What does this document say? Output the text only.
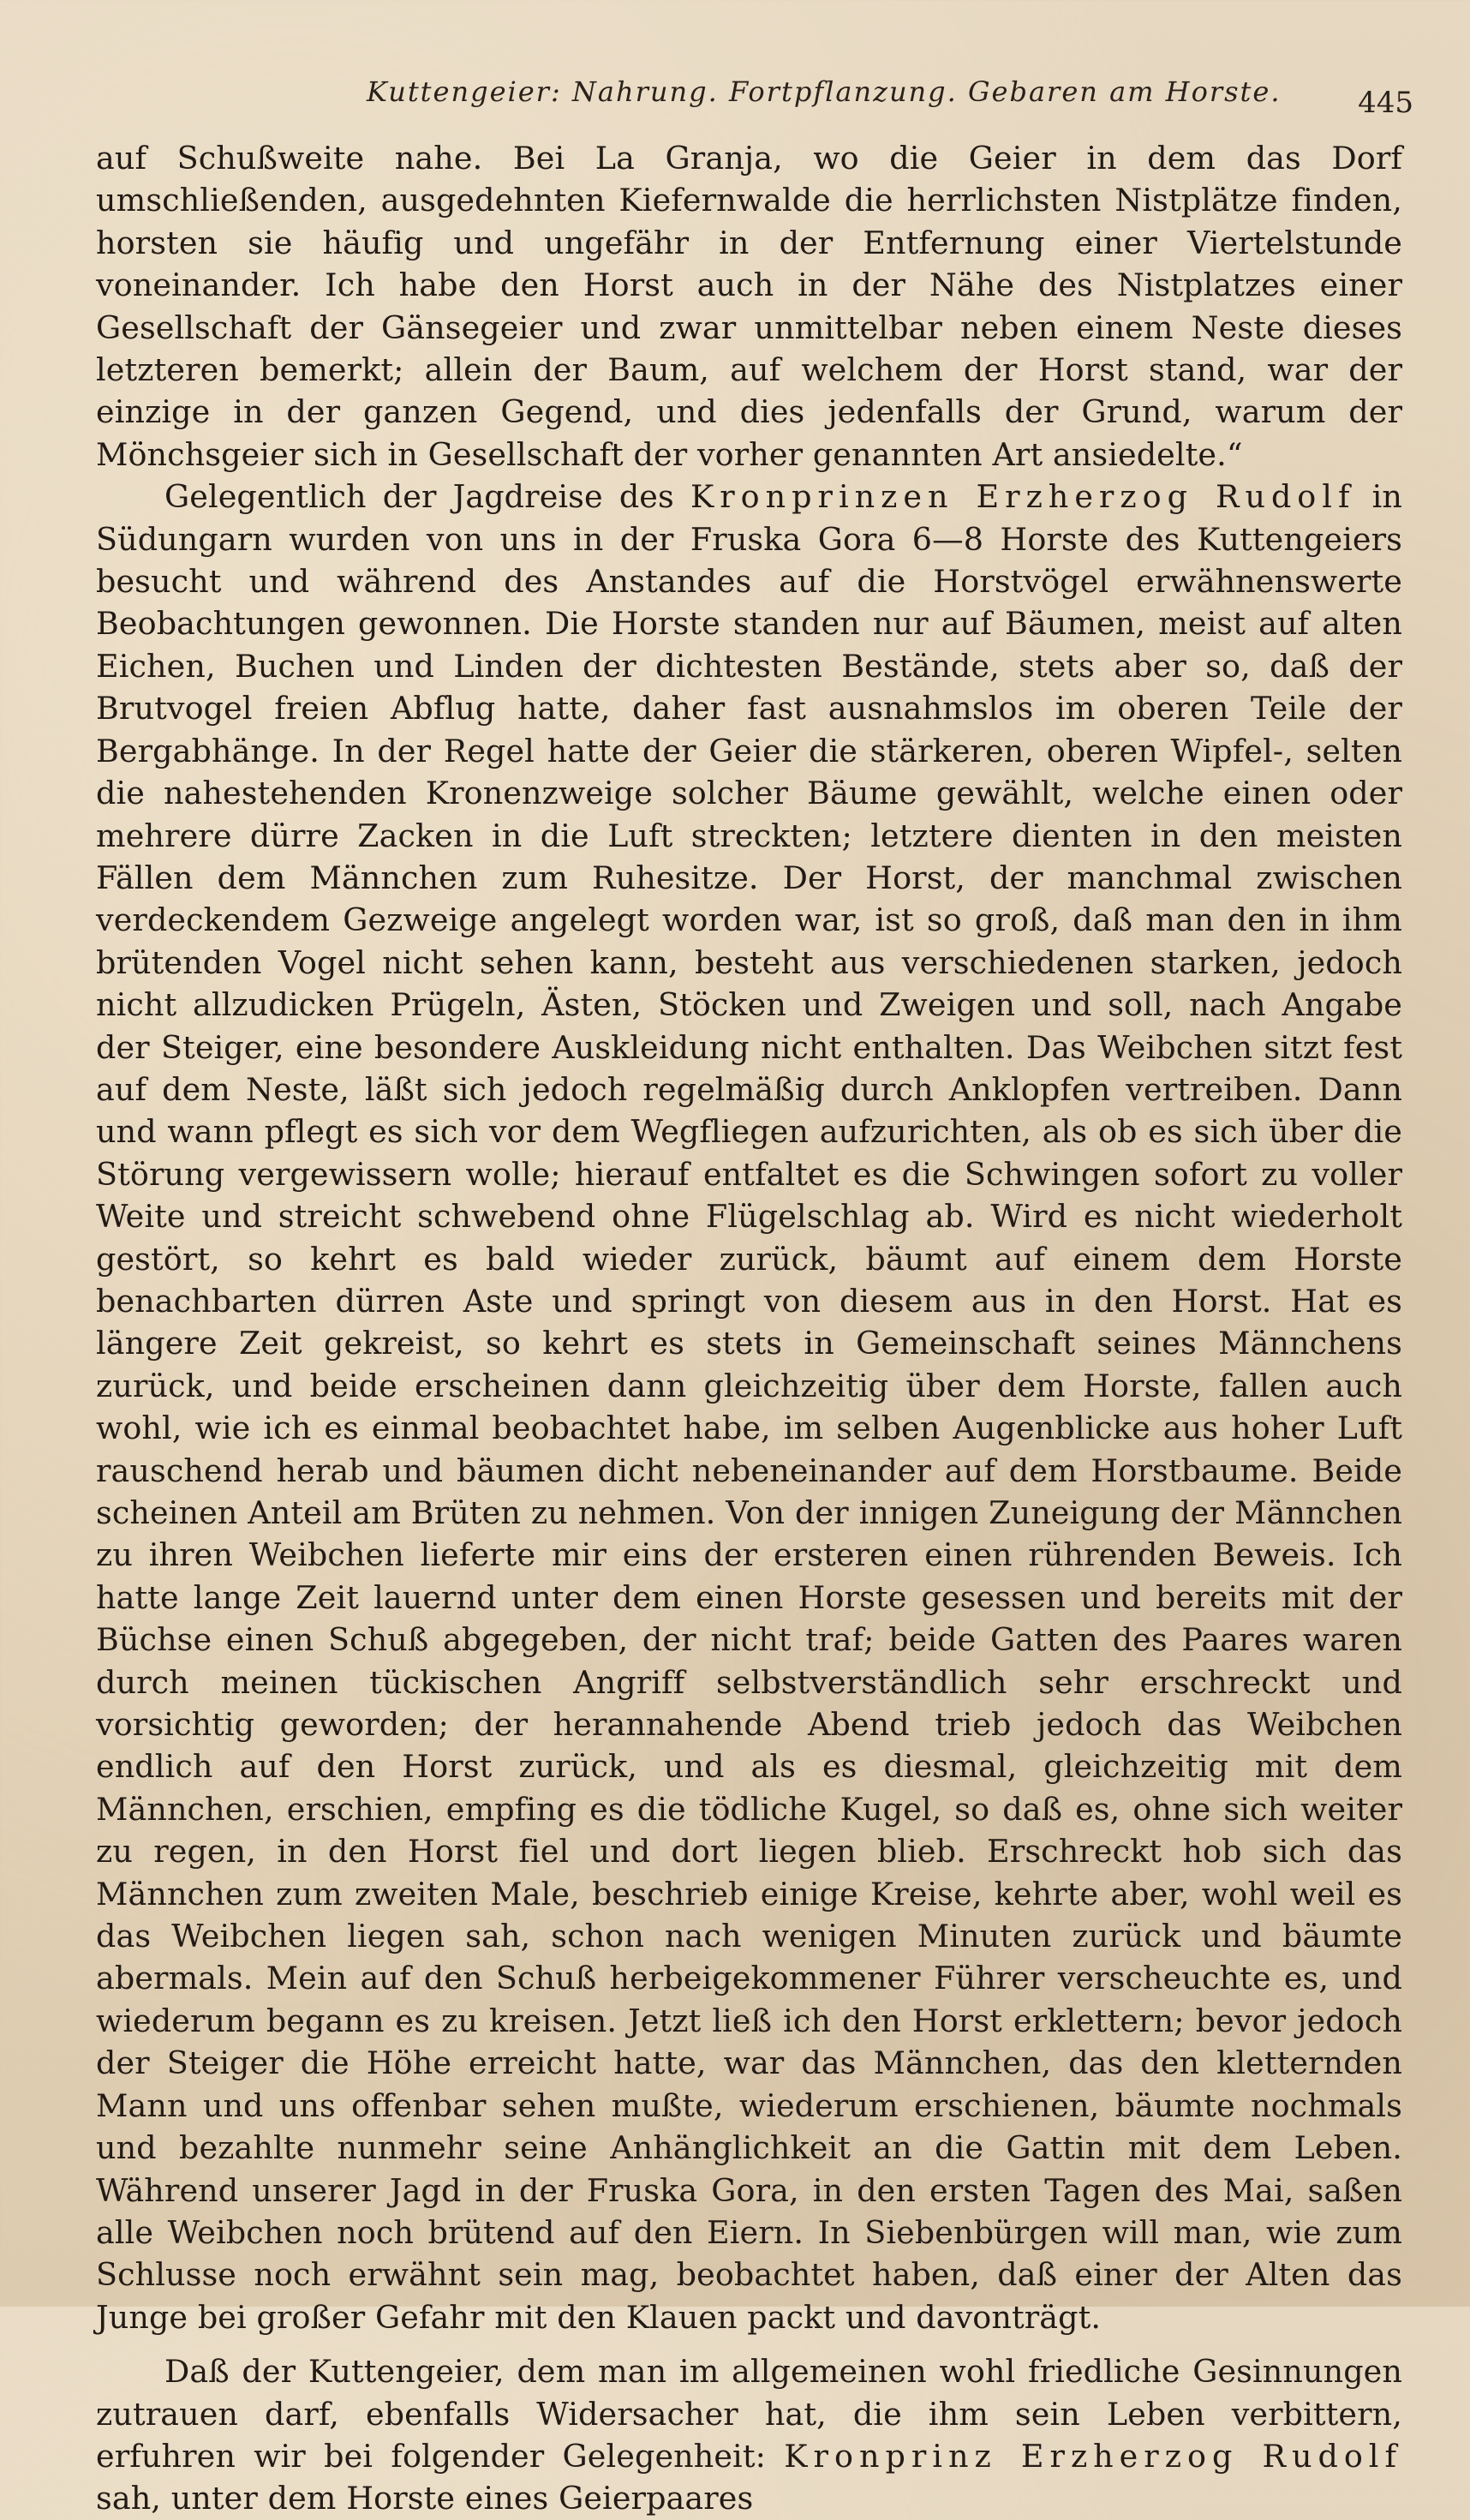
Kuttengeier: Nahrung. Fortpflanzung. Gebaren am Horste.	445

auf Schußweite nahe. Bei La Granja, wo die Geier in dem das Dorf umschließenden, ausgedehnten Kiefernwalde die herrlichsten Nistplätze finden, horsten sie häufig und ungefähr in der Entfernung einer Viertelstunde voneinander. Ich habe den Horst auch in der Nähe des Nistplatzes einer Gesellschaft der Gänsegeier und zwar unmittelbar neben einem Neste dieses letzteren bemerkt; allein der Baum, auf welchem der Horst stand, war der einzige in der ganzen Gegend, und dies jedenfalls der Grund, warum der Mönchsgeier sich in Gesellschaft der vorher genannten Art ansiedelte.“

Gelegentlich der Jagdreise des Kronprinzen Erzherzog Rudolf in Südungarn wurden von uns in der Fruska Gora 6—8 Horste des Kuttengeiers besucht und während des Anstandes auf die Horstvögel erwähnenswerte Beobachtungen gewonnen. Die Horste standen nur auf Bäumen, meist auf alten Eichen, Buchen und Linden der dichtesten Bestände, stets aber so, daß der Brutvogel freien Abflug hatte, daher fast ausnahmslos im oberen Teile der Bergabhänge. In der Regel hatte der Geier die stärkeren, oberen Wipfel-, selten die nahestehenden Kronenzweige solcher Bäume gewählt, welche einen oder mehrere dürre Zacken in die Luft streckten; letztere dienten in den meisten Fällen dem Männchen zum Ruhesitze. Der Horst, der manchmal zwischen verdeckendem Gezweige angelegt worden war, ist so groß, daß man den in ihm brütenden Vogel nicht sehen kann, besteht aus verschiedenen starken, jedoch nicht allzudicken Prügeln, Ästen, Stöcken und Zweigen und soll, nach Angabe der Steiger, eine besondere Auskleidung nicht enthalten. Das Weibchen sitzt fest auf dem Neste, läßt sich jedoch regelmäßig durch Anklopfen vertreiben. Dann und wann pflegt es sich vor dem Wegfliegen aufzurichten, als ob es sich über die Störung vergewissern wolle; hierauf entfaltet es die Schwingen sofort zu voller Weite und streicht schwebend ohne Flügelschlag ab. Wird es nicht wiederholt gestört, so kehrt es bald wieder zurück, bäumt auf einem dem Horste benachbarten dürren Aste und springt von diesem aus in den Horst. Hat es längere Zeit gekreist, so kehrt es stets in Gemeinschaft seines Männchens zurück, und beide erscheinen dann gleichzeitig über dem Horste, fallen auch wohl, wie ich es einmal beobachtet habe, im selben Augenblicke aus hoher Luft rauschend herab und bäumen dicht nebeneinander auf dem Horstbaume. Beide scheinen Anteil am Brüten zu nehmen. Von der innigen Zuneigung der Männchen zu ihren Weibchen lieferte mir eins der ersteren einen rührenden Beweis. Ich hatte lange Zeit lauernd unter dem einen Horste gesessen und bereits mit der Büchse einen Schuß abgegeben, der nicht traf; beide Gatten des Paares waren durch meinen tückischen Angriff selbstverständlich sehr erschreckt und vorsichtig geworden; der herannahende Abend trieb jedoch das Weibchen endlich auf den Horst zurück, und als es diesmal, gleichzeitig mit dem Männchen, erschien, empfing es die tödliche Kugel, so daß es, ohne sich weiter zu regen, in den Horst fiel und dort liegen blieb. Erschreckt hob sich das Männchen zum zweiten Male, beschrieb einige Kreise, kehrte aber, wohl weil es das Weibchen liegen sah, schon nach wenigen Minuten zurück und bäumte abermals. Mein auf den Schuß herbeigekommener Führer verscheuchte es, und wiederum begann es zu kreisen. Jetzt ließ ich den Horst erklettern; bevor jedoch der Steiger die Höhe erreicht hatte, war das Männchen, das den kletternden Mann und uns offenbar sehen mußte, wiederum erschienen, bäumte nochmals und bezahlte nunmehr seine Anhänglichkeit an die Gattin mit dem Leben. Während unserer Jagd in der Fruska Gora, in den ersten Tagen des Mai, saßen alle Weibchen noch brütend auf den Eiern. In Siebenbürgen will man, wie zum Schlusse noch erwähnt sein mag, beobachtet haben, daß einer der Alten das Junge bei großer Gefahr mit den Klauen packt und davonträgt.

Daß der Kuttengeier, dem man im allgemeinen wohl friedliche Gesinnungen zutrauen darf, ebenfalls Widersacher hat, die ihm sein Leben verbittern, erfuhren wir bei folgender Gelegenheit: Kronprinz Erzherzog Rudolf sah, unter dem Horste eines Geierpaares
